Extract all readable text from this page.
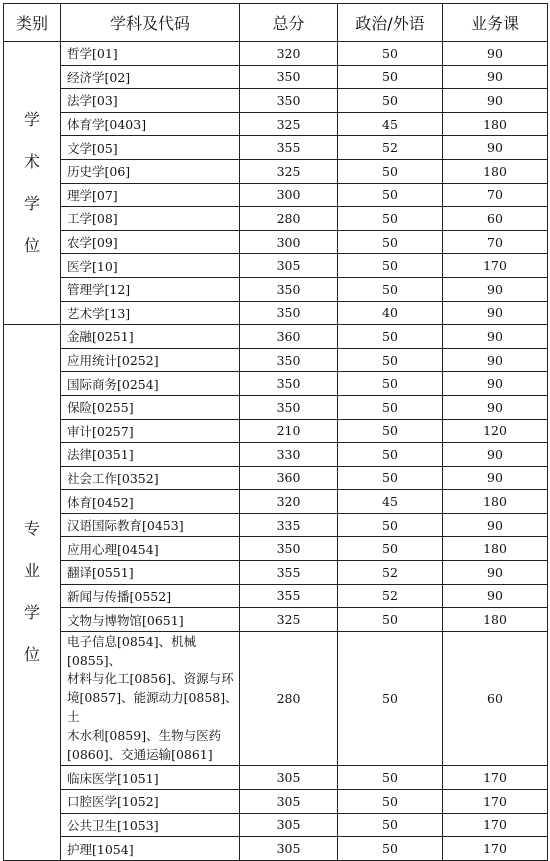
类别	学科及代码	总分	政治/外语	业务课

学
术
学
位	哲学[01]	320	50	90
	经济学[02]	350	50	90
	法学[03]	350	50	90
	体育学[0403]	325	45	180
	文学[05]	355	52	90
	历史学[06]	325	50	180
	理学[07]	300	50	70
	工学[08]	280	50	60
	农学[09]	300	50	70
	医学[10]	305	50	170
	管理学[12]	350	50	90
	艺术学[13]	350	40	90

专
业
学
位	金融[0251]	360	50	90
	应用统计[0252]	350	50	90
	国际商务[0254]	350	50	90
	保险[0255]	350	50	90
	审计[0257]	210	50	120
	法律[0351]	330	50	90
	社会工作[0352]	360	50	90
	体育[0452]	320	45	180
	汉语国际教育[0453]	335	50	90
	应用心理[0454]	350	50	180
	翻译[0551]	355	52	90
	新闻与传播[0552]	355	52	90
	文物与博物馆[0651]	325	50	180

	电子信息[0854]、机械[0855]、
材料与化工[0856]、资源与环
境[0857]、能源动力[0858]、土
木水利[0859]、生物与医药
[0860]、交通运输[0861]	280	50	60
	临床医学[1051]	305	50	170
	口腔医学[1052]	305	50	170
	公共卫生[1053]	305	50	170
	护理[1054]	305	50	170
